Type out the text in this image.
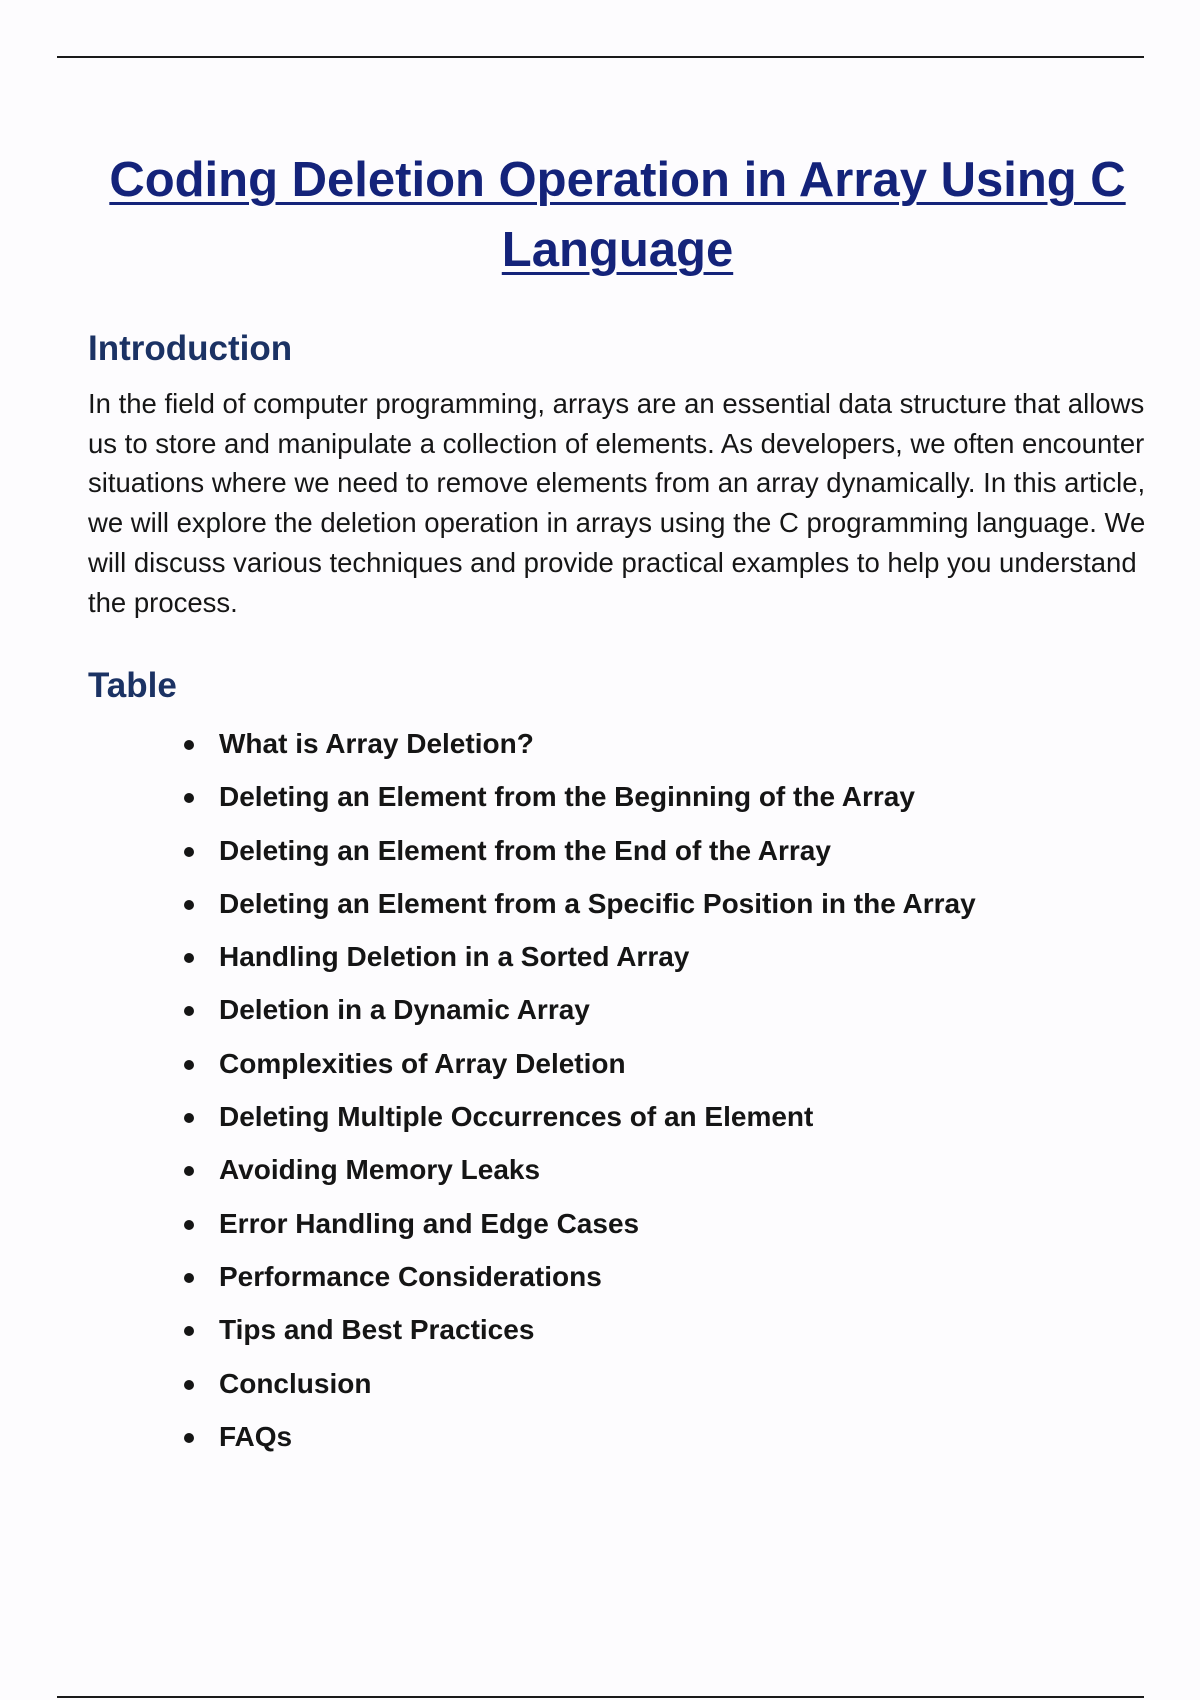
Coding Deletion Operation in Array Using C Language
Introduction

In the field of computer programming, arrays are an essential data structure that allows us to store and manipulate a collection of elements. As developers, we often encounter situations where we need to remove elements from an array dynamically. In this article, we will explore the deletion operation in arrays using the C programming language. We will discuss various techniques and provide practical examples to help you understand the process.

Table
What is Array Deletion?
Deleting an Element from the Beginning of the Array
Deleting an Element from the End of the Array
Deleting an Element from a Specific Position in the Array
Handling Deletion in a Sorted Array
Deletion in a Dynamic Array
Complexities of Array Deletion
Deleting Multiple Occurrences of an Element
Avoiding Memory Leaks
Error Handling and Edge Cases
Performance Considerations
Tips and Best Practices
Conclusion
FAQs
